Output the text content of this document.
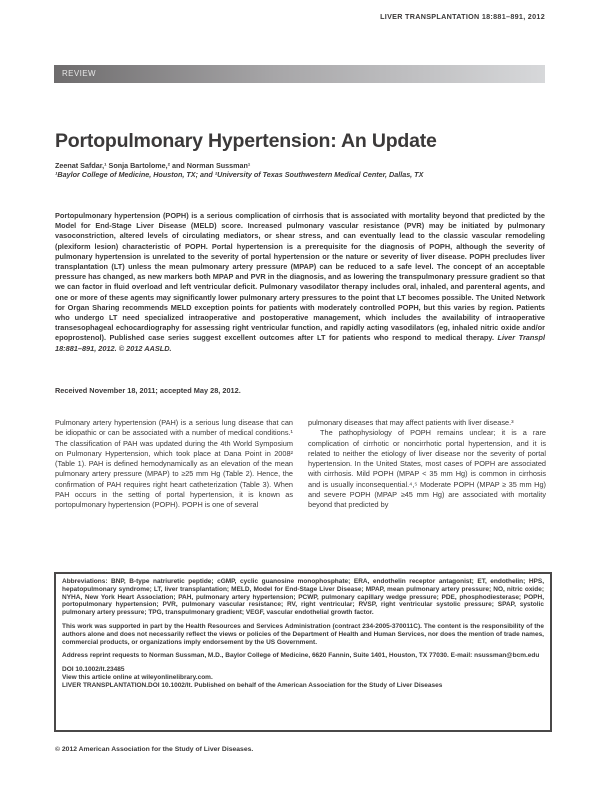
LIVER TRANSPLANTATION 18:881–891, 2012
REVIEW
Portopulmonary Hypertension: An Update
Zeenat Safdar,¹ Sonja Bartolome,² and Norman Sussman¹
¹Baylor College of Medicine, Houston, TX; and ²University of Texas Southwestern Medical Center, Dallas, TX
Portopulmonary hypertension (POPH) is a serious complication of cirrhosis that is associated with mortality beyond that predicted by the Model for End-Stage Liver Disease (MELD) score. Increased pulmonary vascular resistance (PVR) may be initiated by pulmonary vasoconstriction, altered levels of circulating mediators, or shear stress, and can eventually lead to the classic vascular remodeling (plexiform lesion) characteristic of POPH. Portal hypertension is a prerequisite for the diagnosis of POPH, although the severity of pulmonary hypertension is unrelated to the severity of portal hypertension or the nature or severity of liver disease. POPH precludes liver transplantation (LT) unless the mean pulmonary artery pressure (MPAP) can be reduced to a safe level. The concept of an acceptable pressure has changed, as new markers both MPAP and PVR in the diagnosis, and as lowering the transpulmonary pressure gradient so that we can factor in fluid overload and left ventricular deficit. Pulmonary vasodilator therapy includes oral, inhaled, and parenteral agents, and one or more of these agents may significantly lower pulmonary artery pressures to the point that LT becomes possible. The United Network for Organ Sharing recommends MELD exception points for patients with moderately controlled POPH, but this varies by region. Patients who undergo LT need specialized intraoperative and postoperative management, which includes the availability of intraoperative transesophageal echocardiography for assessing right ventricular function, and rapidly acting vasodilators (eg, inhaled nitric oxide and/or epoprostenol). Published case series suggest excellent outcomes after LT for patients who respond to medical therapy. Liver Transpl 18:881–891, 2012. © 2012 AASLD.
Received November 18, 2011; accepted May 28, 2012.

Pulmonary artery hypertension (PAH) is a serious lung disease that can be idiopathic or can be associated with a number of medical conditions.¹ The classification of PAH was updated during the 4th World Symposium on Pulmonary Hypertension, which took place at Dana Point in 2008² (Table 1). PAH is defined hemodynamically as an elevation of the mean pulmonary artery pressure (MPAP) to ≥25 mm Hg (Table 2). Hence, the confirmation of PAH requires right heart catheterization (Table 3). When PAH occurs in the setting of portal hypertension, it is known as portopulmonary hypertension (POPH). POPH is one of several

pulmonary diseases that may affect patients with liver disease.³

The pathophysiology of POPH remains unclear; it is a rare complication of cirrhotic or noncirrhotic portal hypertension, and it is related to neither the etiology of liver disease nor the severity of portal hypertension. In the United States, most cases of POPH are associated with cirrhosis. Mild POPH (MPAP < 35 mm Hg) is common in cirrhosis and is usually inconsequential.⁴,⁵ Moderate POPH (MPAP ≥ 35 mm Hg) and severe POPH (MPAP ≥45 mm Hg) are associated with mortality beyond that predicted by

Abbreviations: BNP, B-type natriuretic peptide; cGMP, cyclic guanosine monophosphate; ERA, endothelin receptor antagonist; ET, endothelin; HPS, hepatopulmonary syndrome; LT, liver transplantation; MELD, Model for End-Stage Liver Disease; MPAP, mean pulmonary artery pressure; NO, nitric oxide; NYHA, New York Heart Association; PAH, pulmonary artery hypertension; PCWP, pulmonary capillary wedge pressure; PDE, phosphodiesterase; POPH, portopulmonary hypertension; PVR, pulmonary vascular resistance; RV, right ventricular; RVSP, right ventricular systolic pressure; SPAP, systolic pulmonary artery pressure; TPG, transpulmonary gradient; VEGF, vascular endothelial growth factor.

This work was supported in part by the Health Resources and Services Administration (contract 234-2005-370011C). The content is the responsibility of the authors alone and does not necessarily reflect the views or policies of the Department of Health and Human Services, nor does the mention of trade names, commercial products, or organizations imply endorsement by the US Government.

Address reprint requests to Norman Sussman, M.D., Baylor College of Medicine, 6620 Fannin, Suite 1401, Houston, TX 77030. E-mail: nsussman@bcm.edu

DOI 10.1002/lt.23485

View this article online at wileyonlinelibrary.com.

LIVER TRANSPLANTATION.DOI 10.1002/lt. Published on behalf of the American Association for the Study of Liver Diseases

© 2012 American Association for the Study of Liver Diseases.
